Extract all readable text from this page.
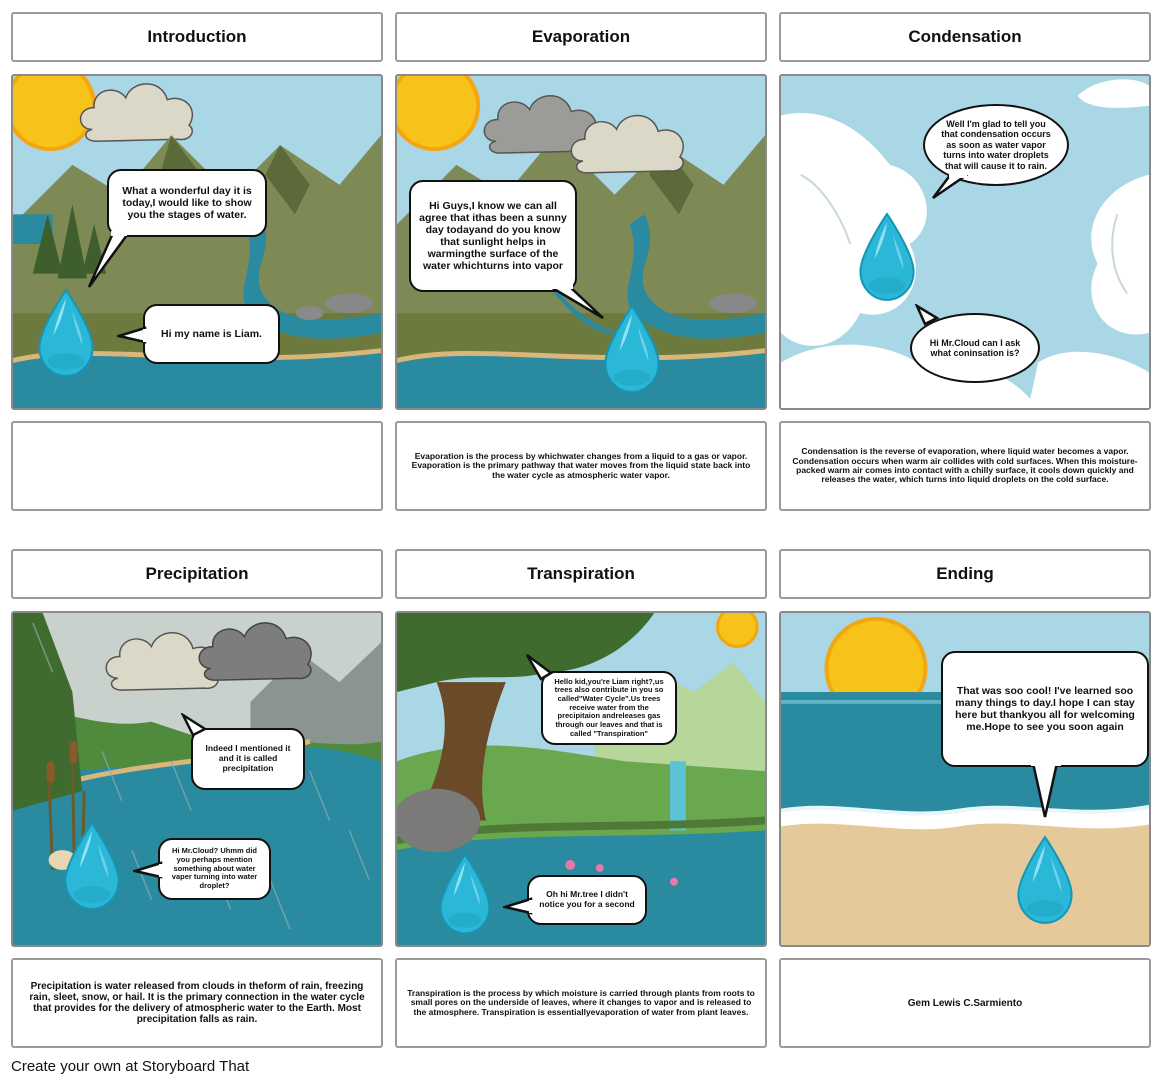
Introduction	Evaporation	Condensation
What a wonderful day it is today,I would like to show you the stages of water.
Hi my name is Liam.
Hi Guys,I know we can all agree that ithas been a sunny day todayand do you know that sunlight helps in warmingthe surface of the water whichturns into vapor
Well I'm glad to tell you that condensation occurs as soon as water vapor turns into water droplets that will cause it to rain.
Hi Mr.Cloud can I ask what coninsation is?
Evaporation is the process by whichwater changes from a liquid to a gas or vapor. Evaporation is the primary pathway that water moves from the liquid state back into the water cycle as atmospheric water vapor.
Condensation is the reverse of evaporation, where liquid water becomes a vapor. Condensation occurs when warm air collides with cold surfaces. When this moisture-packed warm air comes into contact with a chilly surface, it cools down quickly and releases the water, which turns into liquid droplets on the cold surface.
Precipitation	Transpiration	Ending
Indeed I mentioned it and it is called precipitation
Hi Mr.Cloud? Uhmm did you perhaps mention something about water vaper turning into water droplet?
Hello kid,you're Liam right?,us trees also contribute in you so called"Water Cycle".Us trees receive water from the precipitaion andreleases gas through our leaves and that is called "Transpiration"
Oh hi Mr.tree I didn't notice you for a second
That was soo cool! I've learned soo many things to day.I hope I can stay here but thankyou all for welcoming me.Hope to see you soon again
Precipitation is water released from clouds in theform of rain, freezing rain, sleet, snow, or hail. It is the primary connection in the water cycle that provides for the delivery of atmospheric water to the Earth. Most precipitation falls as rain.
Transpiration is the process by which moisture is carried through plants from roots to small pores on the underside of leaves, where it changes to vapor and is released to the atmosphere. Transpiration is essentiallyevaporation of water from plant leaves.
Gem Lewis C.Sarmiento
Create your own at Storyboard That
